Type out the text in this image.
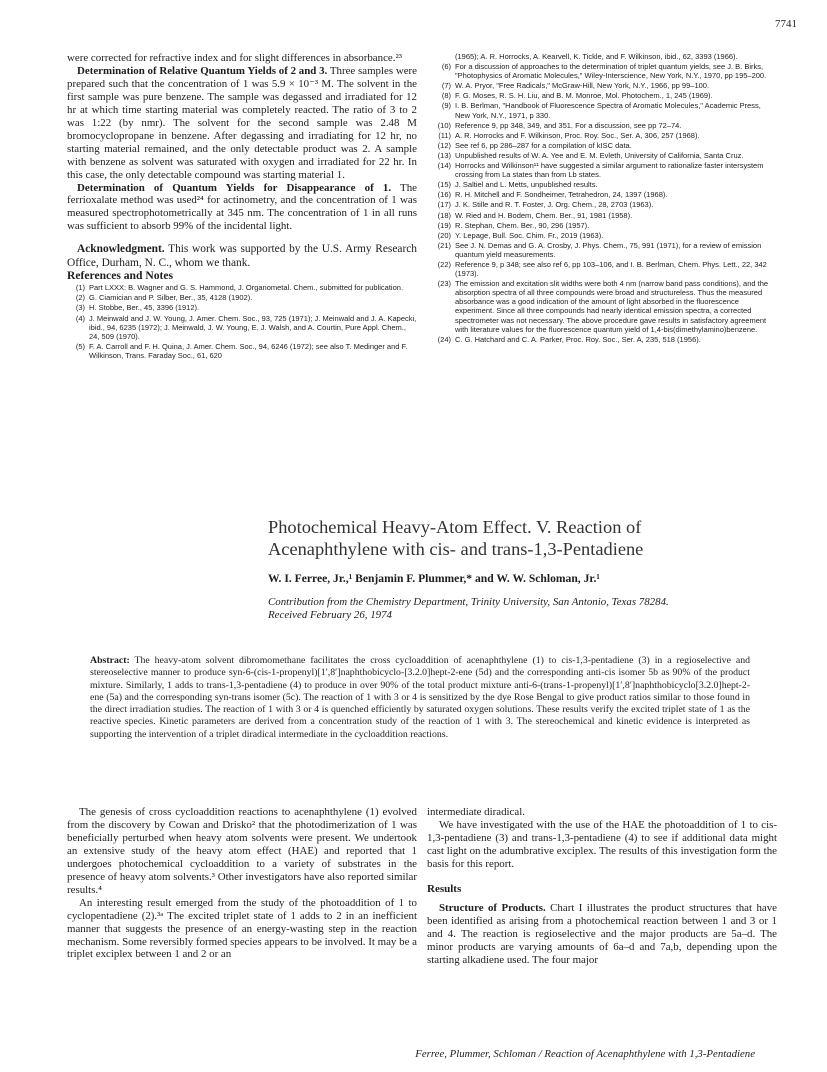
7741

were corrected for refractive index and for slight differences in absorbance.²³

Determination of Relative Quantum Yields of 2 and 3. Three samples were prepared such that the concentration of 1 was 5.9 × 10⁻³ M. The solvent in the first sample was pure benzene. The sample was degassed and irradiated for 12 hr at which time starting material was completely reacted. The ratio of 3 to 2 was 1:22 (by nmr). The solvent for the second sample was 2.48 M bromocyclopropane in benzene. After degassing and irradiating for 12 hr, no starting material remained, and the only detectable product was 2. A sample with benzene as solvent was saturated with oxygen and irradiated for 22 hr. In this case, the only detectable compound was starting material 1.

Determination of Quantum Yields for Disappearance of 1. The ferrioxalate method was used²⁴ for actinometry, and the concentration of 1 was measured spectrophotometrically at 345 nm. The concentration of 1 in all runs was sufficient to absorb 99% of the incidental light.

Acknowledgment. This work was supported by the U.S. Army Research Office, Durham, N. C., whom we thank.

References and Notes

(1) Part LXXX: B. Wagner and G. S. Hammond, J. Organometal. Chem., submitted for publication.
(2) G. Ciamician and P. Silber, Ber., 35, 4128 (1902).
(3) H. Stobbe, Ber., 45, 3396 (1912).
(4) J. Meinwald and J. W. Young, J. Amer. Chem. Soc., 93, 725 (1971); J. Meinwald and J. A. Kapecki, ibid., 94, 6235 (1972); J. Meinwald, J. W. Young, E. J. Walsh, and A. Courtin, Pure Appl. Chem., 24, 509 (1970).
(5) F. A. Carroll and F. H. Quina, J. Amer. Chem. Soc., 94, 6246 (1972); see also T. Medinger and F. Wilkinson, Trans. Faraday Soc., 61, 620
(1965); A. R. Horrocks, A. Kearvell, K. Tickle, and F. Wilkinson, ibid., 62, 3393 (1966).
(6) For a discussion of approaches to the determination of triplet quantum yields, see J. B. Birks, "Photophysics of Aromatic Molecules," Wiley-Interscience, New York, N.Y., 1970, pp 195–200.
(7) W. A. Pryor, "Free Radicals," McGraw-Hill, New York, N.Y., 1966, pp 99–100.
(8) F. G. Moses, R. S. H. Liu, and B. M. Monroe, Mol. Photochem., 1, 245 (1969).
(9) I. B. Berlman, "Handbook of Fluorescence Spectra of Aromatic Molecules," Academic Press, New York, N.Y., 1971, p 330.
(10) Reference 9, pp 348, 349, and 351. For a discussion, see pp 72–74.
(11) A. R. Horrocks and F. Wilkinson, Proc. Roy. Soc., Ser. A, 306, 257 (1968).
(12) See ref 6, pp 286–287 for a compilation of kISC data.
(13) Unpublished results of W. A. Yee and E. M. Evleth, University of California, Santa Cruz.
(14) Horrocks and Wilkinson¹¹ have suggested a similar argument to rationalize faster intersystem crossing from La states than from Lb states.
(15) J. Saltiel and L. Metts, unpublished results.
(16) R. H. Mitchell and F. Sondheimer, Tetrahedron, 24, 1397 (1968).
(17) J. K. Stille and R. T. Foster, J. Org. Chem., 28, 2703 (1963).
(18) W. Ried and H. Bodem, Chem. Ber., 91, 1981 (1958).
(19) R. Stephan, Chem. Ber., 90, 296 (1957).
(20) Y. Lepage, Bull. Soc. Chim. Fr., 2019 (1963).
(21) See J. N. Demas and G. A. Crosby, J. Phys. Chem., 75, 991 (1971), for a review of emission quantum yield measurements.
(22) Reference 9, p 348; see also ref 6, pp 103–106, and I. B. Berlman, Chem. Phys. Lett., 22, 342 (1973).
(23) The emission and excitation slit widths were both 4 nm (narrow band pass conditions), and the absorption spectra of all three compounds were broad and structureless. Thus the measured absorbance was a good indication of the amount of light absorbed in the fluorescence experiment. Since all three compounds had nearly identical emission spectra, a corrected spectrometer was not necessary. The above procedure gave results in satisfactory agreement with literature values for the fluorescence quantum yield of 1,4-bis(dimethylamino)benzene.
(24) C. G. Hatchard and C. A. Parker, Proc. Roy. Soc., Ser. A, 235, 518 (1956).
Photochemical Heavy-Atom Effect. V. Reaction of
Acenaphthylene with cis- and trans-1,3-Pentadiene
W. I. Ferree, Jr.,¹ Benjamin F. Plummer,* and W. W. Schloman, Jr.¹
Contribution from the Chemistry Department, Trinity University, San Antonio, Texas 78284.
Received February 26, 1974
Abstract: The heavy-atom solvent dibromomethane facilitates the cross cycloaddition of acenaphthylene (1) to cis-1,3-pentadiene (3) in a regioselective and stereoselective manner to produce syn-6-(cis-1-propenyl)[1′,8′]naphthobicyclo-[3.2.0]hept-2-ene (5d) and the corresponding anti-cis isomer 5b as 90% of the product mixture. Similarly, 1 adds to trans-1,3-pentadiene (4) to produce in over 90% of the total product mixture anti-6-(trans-1-propenyl)[1′,8′]naphthobicyclo[3.2.0]hept-2-ene (5a) and the corresponding syn-trans isomer (5c). The reaction of 1 with 3 or 4 is sensitized by the dye Rose Bengal to give product ratios similar to those found in the direct irradiation studies. The reaction of 1 with 3 or 4 is quenched efficiently by saturated oxygen solutions. These results verify the excited triplet state of 1 as the reactive species. Kinetic parameters are derived from a concentration study of the reaction of 1 with 3. The stereochemical and kinetic evidence is interpreted as supporting the intervention of a triplet diradical intermediate in the cycloaddition reactions.

The genesis of cross cycloaddition reactions to acenaphthylene (1) evolved from the discovery by Cowan and Drisko² that the photodimerization of 1 was beneficially perturbed when heavy atom solvents were present. We undertook an extensive study of the heavy atom effect (HAE) and reported that 1 undergoes photochemical cycloaddition to a variety of substrates in the presence of heavy atom solvents.³ Other investigators have also reported similar results.⁴

An interesting result emerged from the study of the photoaddition of 1 to cyclopentadiene (2).³ᵃ The excited triplet state of 1 adds to 2 in an inefficient manner that suggests the presence of an energy-wasting step in the reaction mechanism. Some reversibly formed species appears to be involved. It may be a triplet exciplex between 1 and 2 or an

intermediate diradical.

We have investigated with the use of the HAE the photoaddition of 1 to cis-1,3-pentadiene (3) and trans-1,3-pentadiene (4) to see if additional data might cast light on the adumbrative exciplex. The results of this investigation form the basis for this report.

Results

Structure of Products. Chart I illustrates the product structures that have been identified as arising from a photochemical reaction between 1 and 3 or 1 and 4. The reaction is regioselective and the major products are 5a–d. The minor products are varying amounts of 6a–d and 7a,b, depending upon the starting alkadiene used. The four major

Ferree, Plummer, Schloman / Reaction of Acenaphthylene with 1,3-Pentadiene
